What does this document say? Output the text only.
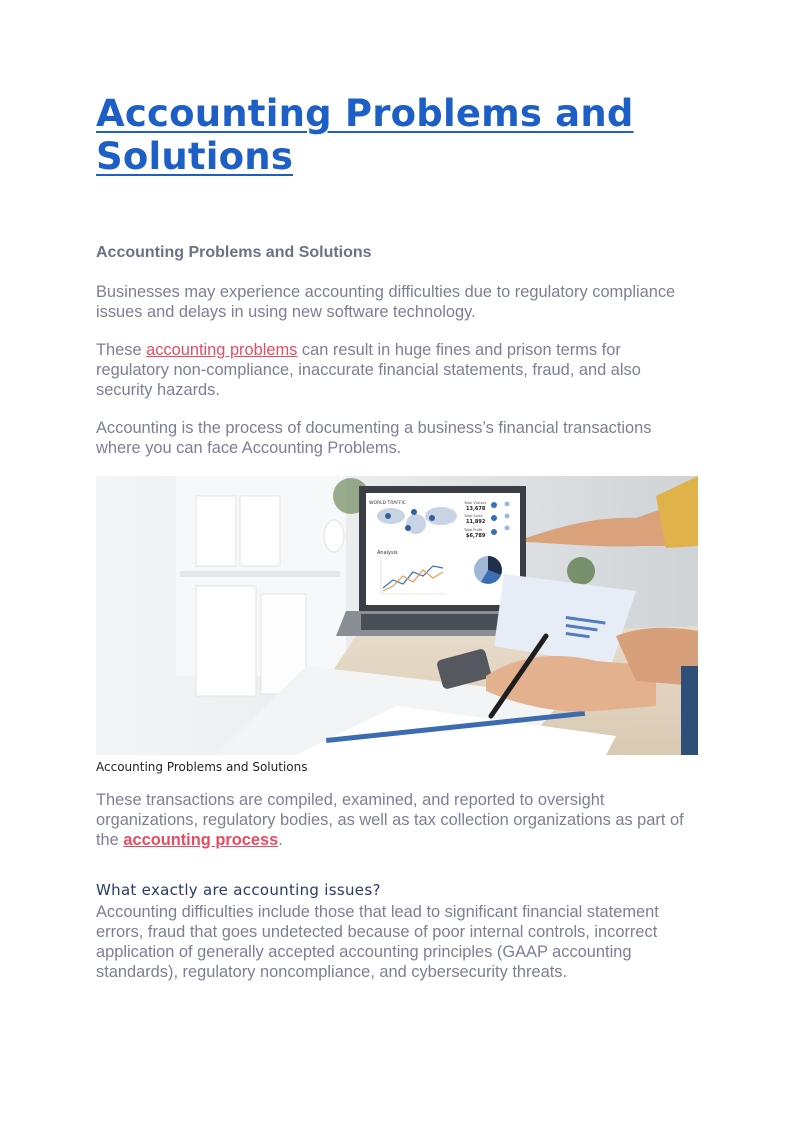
Accounting Problems and Solutions

Accounting Problems and Solutions

Businesses may experience accounting difficulties due to regulatory compliance issues and delays in using new software technology.

These accounting problems can result in huge fines and prison terms for regulatory non-compliance, inaccurate financial statements, fraud, and also security hazards.

Accounting is the process of documenting a business’s financial transactions where you can face Accounting Problems.

WORLD TRAFFIC	Total Visitors
13,678
Total Sales
11,892
Total Profit
$6,789
Analysis

Accounting Problems and Solutions

These transactions are compiled, examined, and reported to oversight organizations, regulatory bodies, as well as tax collection organizations as part of the accounting process.

What exactly are accounting issues?

Accounting difficulties include those that lead to significant financial statement errors, fraud that goes undetected because of poor internal controls, incorrect application of generally accepted accounting principles (GAAP accounting standards), regulatory noncompliance, and cybersecurity threats.
